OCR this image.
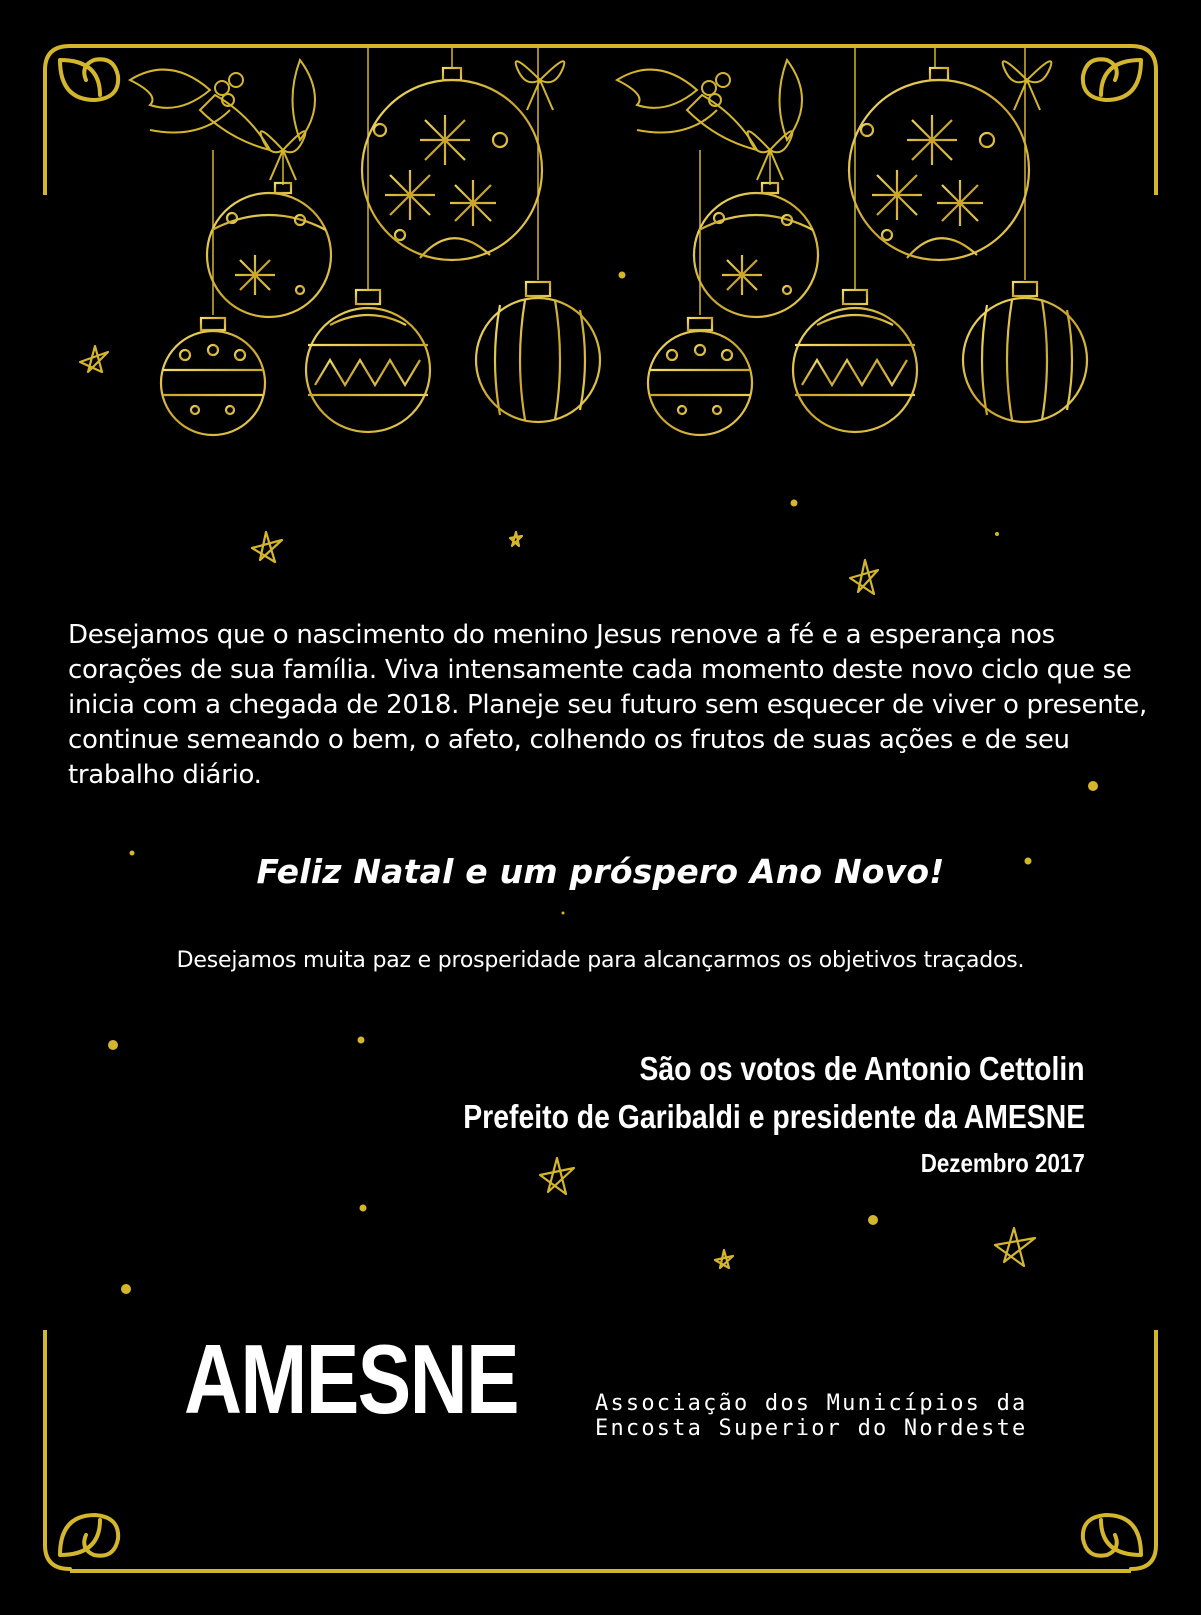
Desejamos que o nascimento do menino Jesus renove a fé e a esperança nos corações de sua família. Viva intensamente cada momento deste novo ciclo que se inicia com a chegada de 2018. Planeje seu futuro sem esquecer de viver o presente, continue semeando o bem, o afeto, colhendo os frutos de suas ações e de seu trabalho diário.

Feliz Natal e um próspero Ano Novo!

Desejamos muita paz e prosperidade para alcançarmos os objetivos traçados.

São os votos de Antonio Cettolin

Prefeito de Garibaldi e presidente da AMESNE

Dezembro 2017

AMESNE	Associação dos Municípios da
Encosta Superior do Nordeste
